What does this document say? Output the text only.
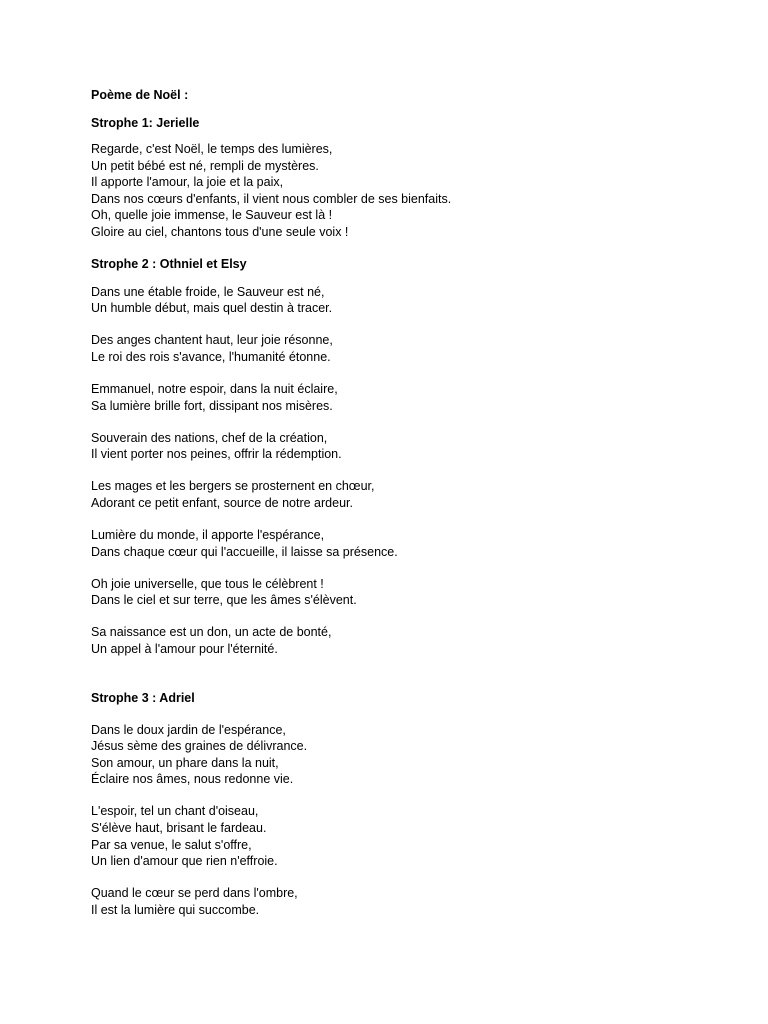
Poème de Noël :
Strophe 1: Jerielle
Regarde, c'est Noël, le temps des lumières,
Un petit bébé est né, rempli de mystères.
Il apporte l'amour, la joie et la paix,
Dans nos cœurs d'enfants, il vient nous combler de ses bienfaits.
Oh, quelle joie immense, le Sauveur est là !
Gloire au ciel, chantons tous d'une seule voix !
Strophe 2 : Othniel et Elsy
Dans une étable froide, le Sauveur est né,
Un humble début, mais quel destin à tracer.
Des anges chantent haut, leur joie résonne,
Le roi des rois s'avance, l'humanité étonne.
Emmanuel, notre espoir, dans la nuit éclaire,
Sa lumière brille fort, dissipant nos misères.
Souverain des nations, chef de la création,
Il vient porter nos peines, offrir la rédemption.
Les mages et les bergers se prosternent en chœur,
Adorant ce petit enfant, source de notre ardeur.
Lumière du monde, il apporte l'espérance,
Dans chaque cœur qui l'accueille, il laisse sa présence.
Oh joie universelle, que tous le célèbrent !
Dans le ciel et sur terre, que les âmes s'élèvent.
Sa naissance est un don, un acte de bonté,
Un appel à l'amour pour l'éternité.
Strophe 3 : Adriel
Dans le doux jardin de l'espérance,
Jésus sème des graines de délivrance.
Son amour, un phare dans la nuit,
Éclaire nos âmes, nous redonne vie.
L'espoir, tel un chant d'oiseau,
S'élève haut, brisant le fardeau.
Par sa venue, le salut s'offre,
Un lien d'amour que rien n'effroie.
Quand le cœur se perd dans l'ombre,
Il est la lumière qui succombe.
